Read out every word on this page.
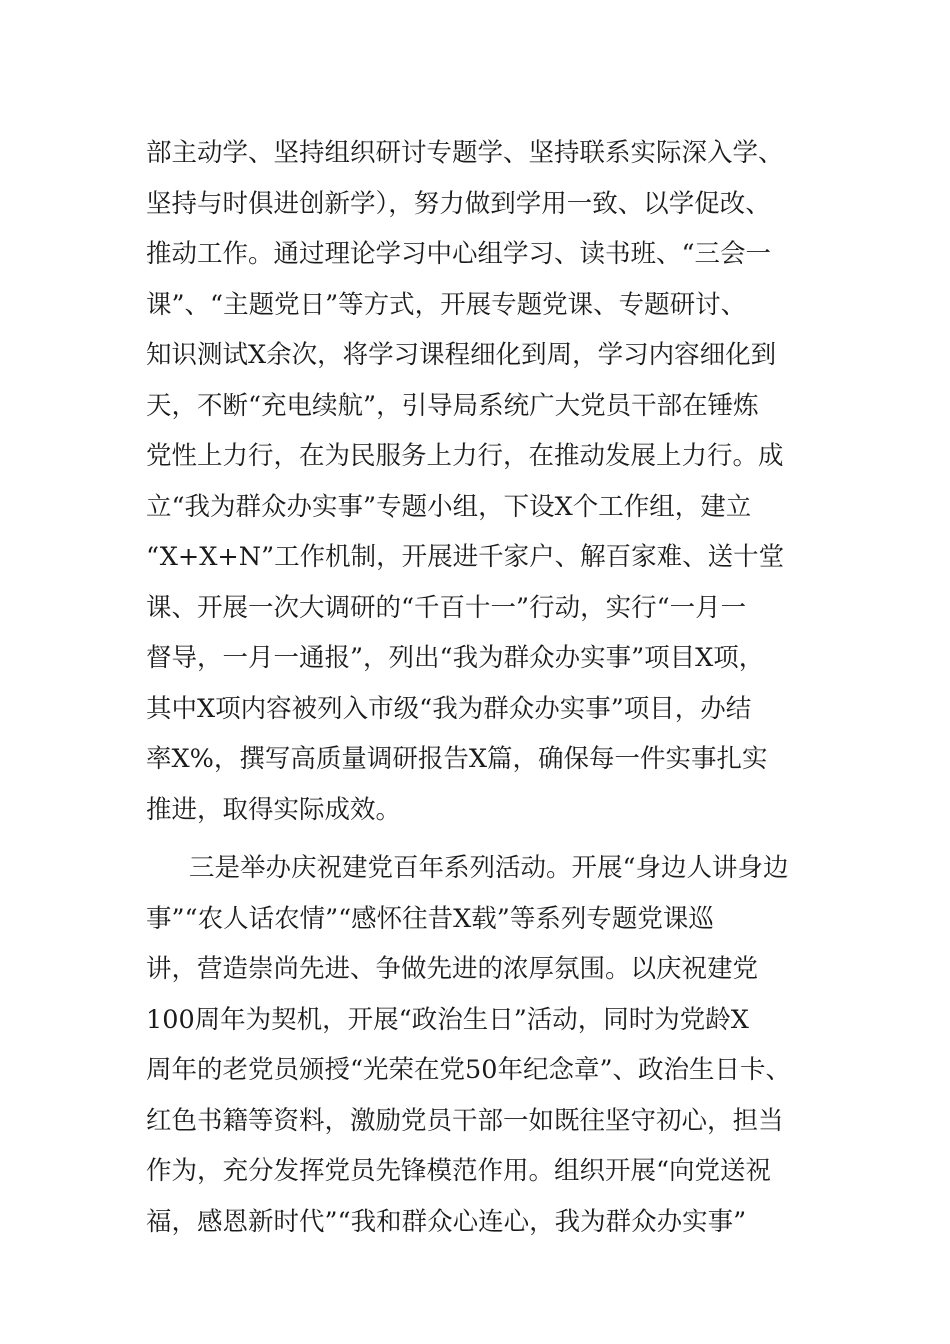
部主动学、坚持组织研讨专题学、坚持联系实际深入学、
坚持与时俱进创新学），努力做到学用一致、以学促改、
推动工作。通过理论学习中心组学习、读书班、“三会一
课”、“主题党日”等方式，开展专题党课、专题研讨、
知识测试X余次，将学习课程细化到周，学习内容细化到
天，不断“充电续航”，引导局系统广大党员干部在锤炼
党性上力行，在为民服务上力行，在推动发展上力行。成
立“我为群众办实事”专题小组，下设X个工作组，建立
“X+X+N”工作机制，开展进千家户、解百家难、送十堂
课、开展一次大调研的“千百十一”行动，实行“一月一
督导，一月一通报”，列出“我为群众办实事”项目X项，
其中X项内容被列入市级“我为群众办实事”项目，办结
率X%，撰写高质量调研报告X篇，确保每一件实事扎实
推进，取得实际成效。
三是举办庆祝建党百年系列活动。开展“身边人讲身边
事”“农人话农情”“感怀往昔X载”等系列专题党课巡
讲，营造崇尚先进、争做先进的浓厚氛围。以庆祝建党
100周年为契机，开展“政治生日”活动，同时为党龄X
周年的老党员颁授“光荣在党50年纪念章”、政治生日卡、
红色书籍等资料，激励党员干部一如既往坚守初心，担当
作为，充分发挥党员先锋模范作用。组织开展“向党送祝
福，感恩新时代”“我和群众心连心，我为群众办实事”
